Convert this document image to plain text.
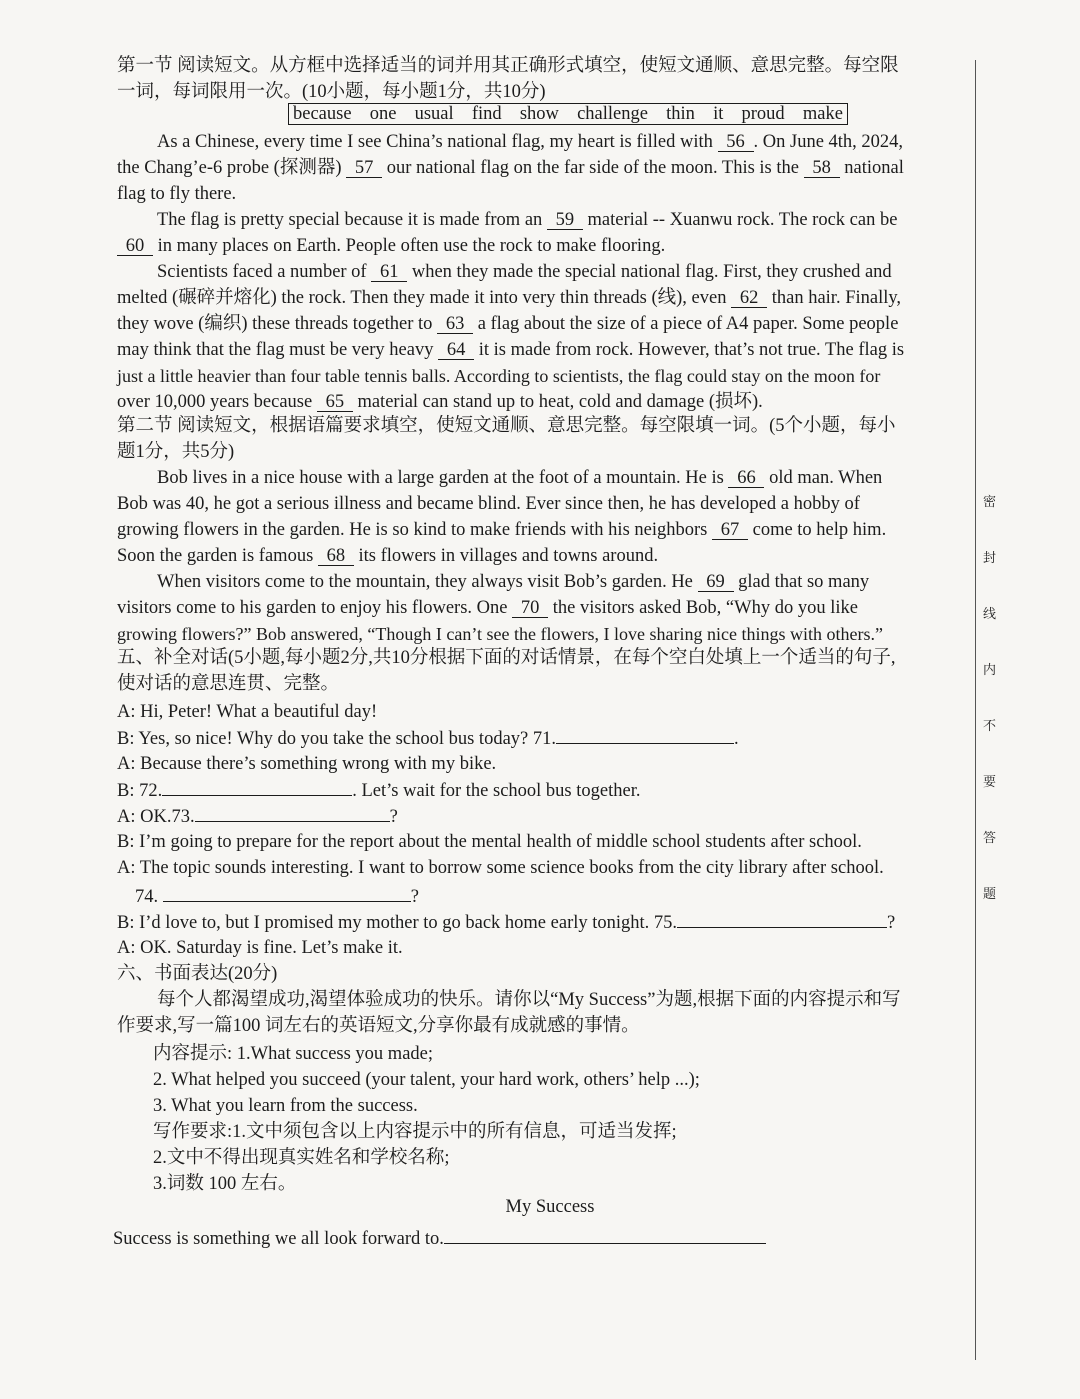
密
封
线
内
不
要
答
题
第一节 阅读短文。从方框中选择适当的词并用其正确形式填空，使短文通顺、意思完整。每空限
一词，每词限用一次。(10小题，每小题1分，共10分)
because one usual find show challenge thin it proud make
As a Chinese, every time I see China’s national flag, my heart is filled with 56 . On June 4th, 2024,
the Chang’e-6 probe (探测器) 57 our national flag on the far side of the moon. This is the 58 national
flag to fly there.
The flag is pretty special because it is made from an 59 material -- Xuanwu rock. The rock can be
60 in many places on Earth. People often use the rock to make flooring.
Scientists faced a number of 61 when they made the special national flag. First, they crushed and
melted (碾碎并熔化) the rock. Then they made it into very thin threads (线), even 62 than hair. Finally,
they wove (编织) these threads together to 63 a flag about the size of a piece of A4 paper. Some people
may think that the flag must be very heavy 64 it is made from rock. However, that’s not true. The flag is
just a little heavier than four table tennis balls. According to scientists, the flag could stay on the moon for
over 10,000 years because 65 material can stand up to heat, cold and damage (损坏).
第二节 阅读短文，根据语篇要求填空，使短文通顺、意思完整。每空限填一词。(5个小题，每小
题1分，共5分)
Bob lives in a nice house with a large garden at the foot of a mountain. He is 66 old man. When
Bob was 40, he got a serious illness and became blind. Ever since then, he has developed a hobby of
growing flowers in the garden. He is so kind to make friends with his neighbors 67 come to help him.
Soon the garden is famous 68 its flowers in villages and towns around.
When visitors come to the mountain, they always visit Bob’s garden. He 69 glad that so many
visitors come to his garden to enjoy his flowers. One 70 the visitors asked Bob, “Why do you like
growing flowers?” Bob answered, “Though I can’t see the flowers, I love sharing nice things with others.”
五、补全对话(5小题,每小题2分,共10分根据下面的对话情景，在每个空白处填上一个适当的句子,
使对话的意思连贯、完整。
A: Hi, Peter! What a beautiful day!
B: Yes, so nice! Why do you take the school bus today? 71.	.
A: Because there’s something wrong with my bike.
B: 72.	. Let’s wait for the school bus together.
A: OK.73.	?
B: I’m going to prepare for the report about the mental health of middle school students after school.
A: The topic sounds interesting. I want to borrow some science books from the city library after school.
74.	?
B: I’d love to, but I promised my mother to go back home early tonight. 75.	?
A: OK. Saturday is fine. Let’s make it.
六、书面表达(20分)
每个人都渴望成功,渴望体验成功的快乐。请你以“My Success”为题,根据下面的内容提示和写
作要求,写一篇100 词左右的英语短文,分享你最有成就感的事情。
内容提示: 1.What success you made;
2. What helped you succeed (your talent, your hard work, others’ help ...);
3. What you learn from the success.
写作要求:1.文中须包含以上内容提示中的所有信息，可适当发挥;
2.文中不得出现真实姓名和学校名称;
3.词数 100 左右。
My Success
Success is something we all look forward to.
